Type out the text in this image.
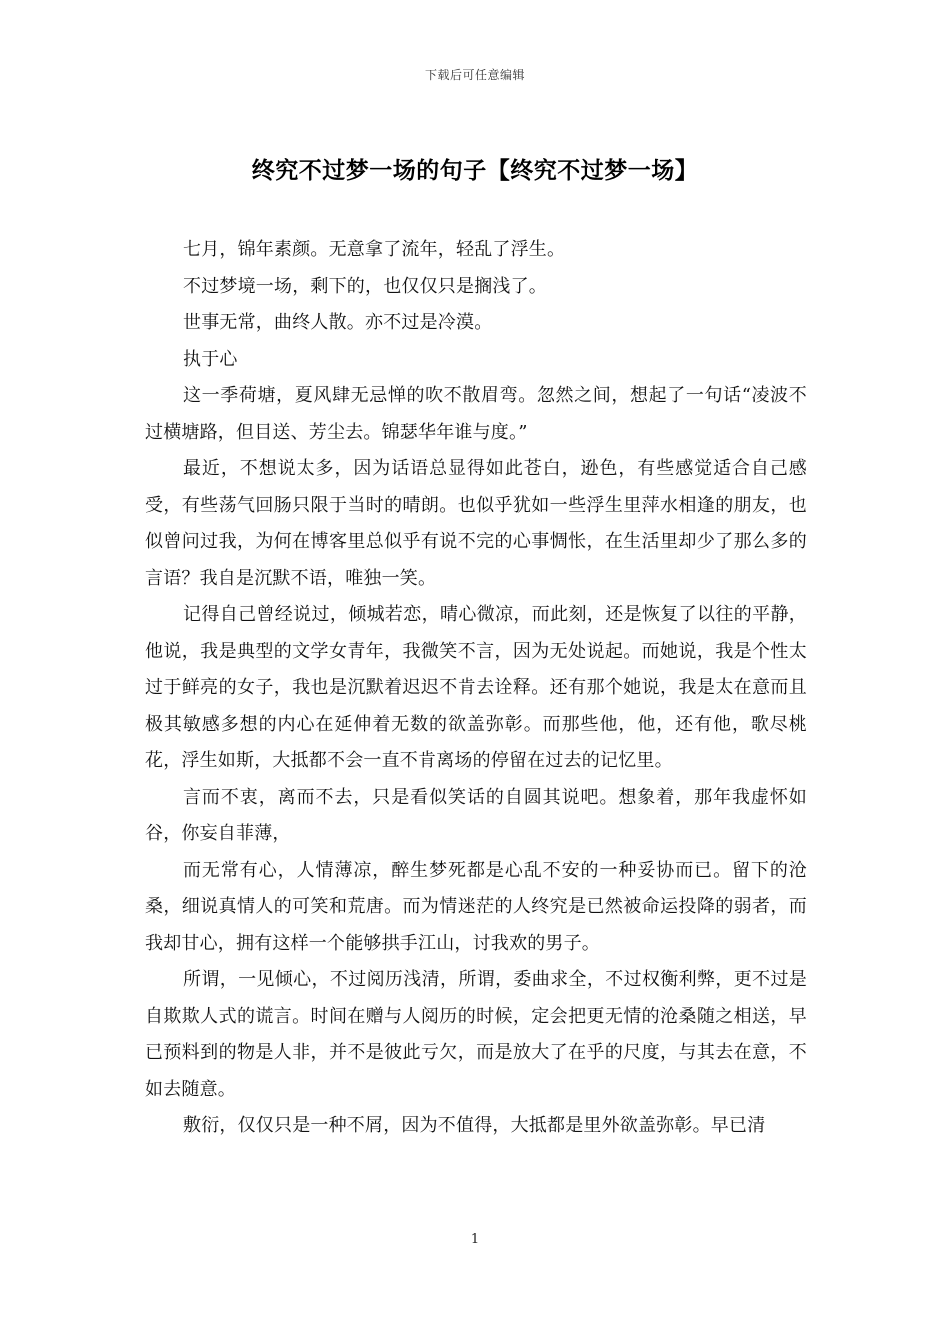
下载后可任意编辑
终究不过梦一场的句子【终究不过梦一场】

七月，锦年素颜。无意拿了流年，轻乱了浮生。

不过梦境一场，剩下的，也仅仅只是搁浅了。

世事无常，曲终人散。亦不过是冷漠。

执于心

这一季荷塘，夏风肆无忌惮的吹不散眉弯。忽然之间，想起了一句话“凌波不过横塘路，但目送、芳尘去。锦瑟华年谁与度。”

最近，不想说太多，因为话语总显得如此苍白，逊色，有些感觉适合自己感受，有些荡气回肠只限于当时的晴朗。也似乎犹如一些浮生里萍水相逢的朋友，也似曾问过我，为何在博客里总似乎有说不完的心事惆怅，在生活里却少了那么多的言语？我自是沉默不语，唯独一笑。

记得自己曾经说过，倾城若恋，晴心微凉，而此刻，还是恢复了以往的平静，他说，我是典型的文学女青年，我微笑不言，因为无处说起。而她说，我是个性太过于鲜亮的女子，我也是沉默着迟迟不肯去诠释。还有那个她说，我是太在意而且极其敏感多想的内心在延伸着无数的欲盖弥彰。而那些他，他，还有他，歌尽桃花，浮生如斯，大抵都不会一直不肯离场的停留在过去的记忆里。

言而不衷，离而不去，只是看似笑话的自圆其说吧。想象着，那年我虚怀如谷，你妄自菲薄，

而无常有心，人情薄凉，醉生梦死都是心乱不安的一种妥协而已。留下的沧桑，细说真情人的可笑和荒唐。而为情迷茫的人终究是已然被命运投降的弱者，而我却甘心，拥有这样一个能够拱手江山，讨我欢的男子。

所谓，一见倾心，不过阅历浅清，所谓，委曲求全，不过权衡利弊，更不过是自欺欺人式的谎言。时间在赠与人阅历的时候，定会把更无情的沧桑随之相送，早已预料到的物是人非，并不是彼此亏欠，而是放大了在乎的尺度，与其去在意，不如去随意。

敷衍，仅仅只是一种不屑，因为不值得，大抵都是里外欲盖弥彰。早已清

1
